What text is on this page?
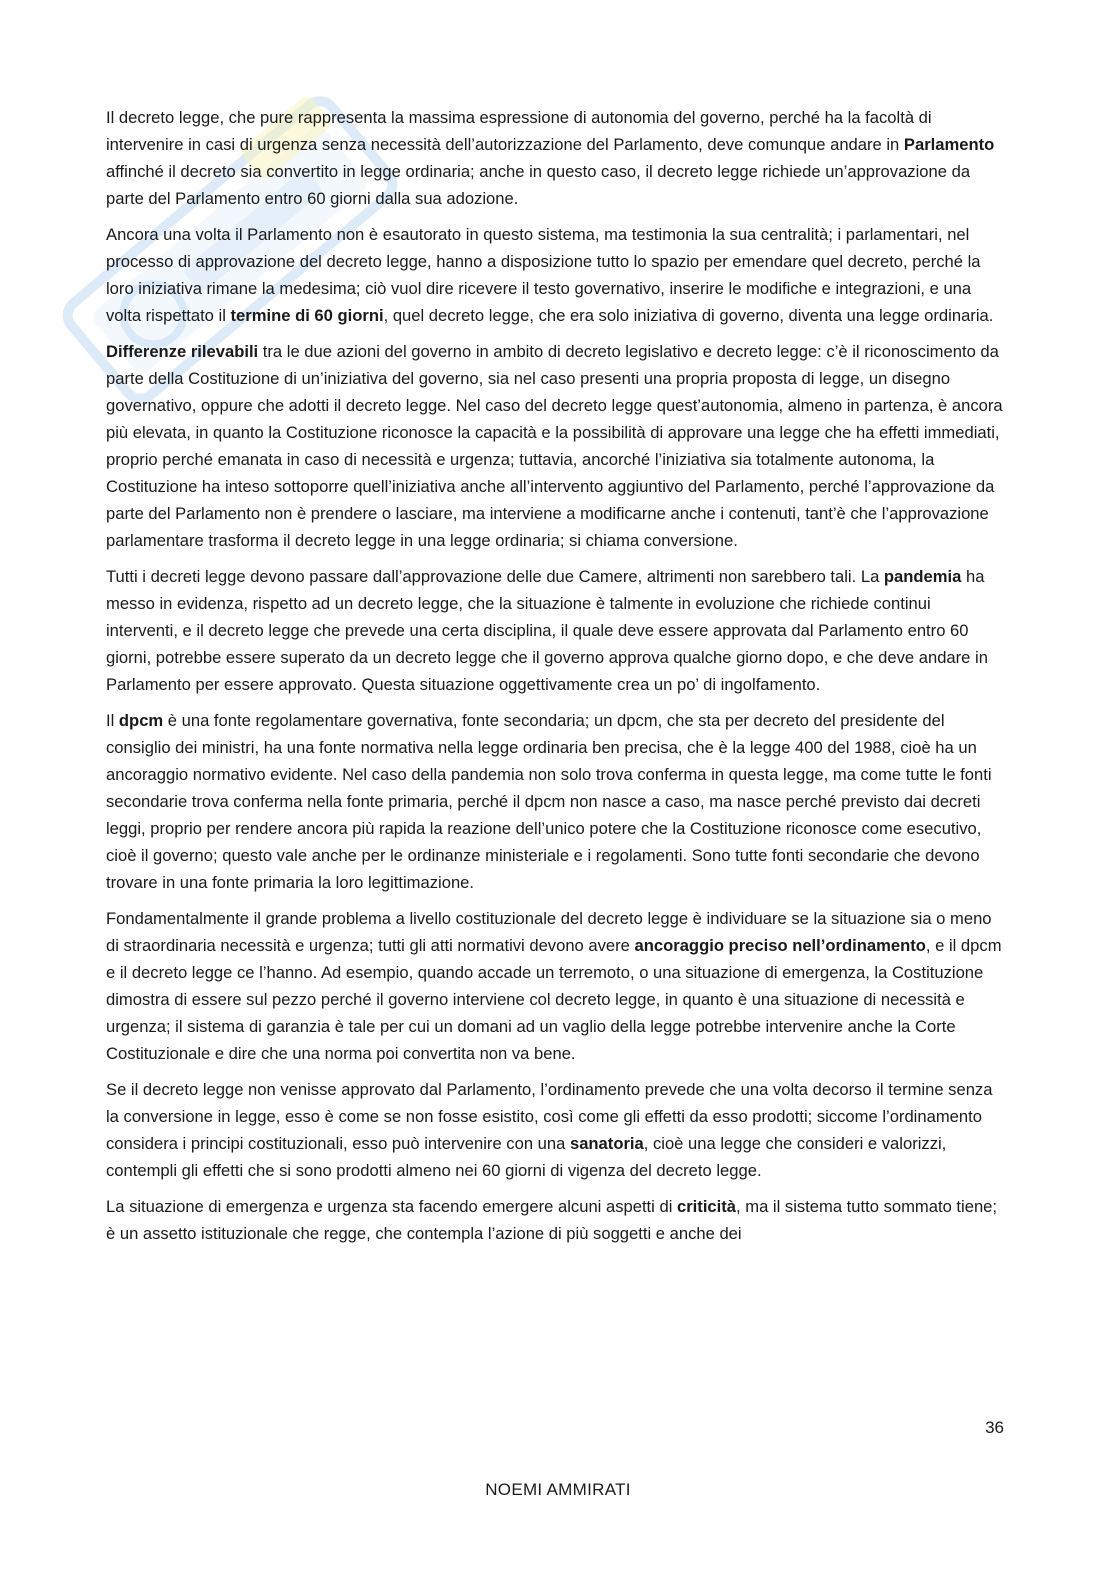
Il decreto legge, che pure rappresenta la massima espressione di autonomia del governo, perché ha la facoltà di intervenire in casi di urgenza senza necessità dell’autorizzazione del Parlamento, deve comunque andare in Parlamento affinché il decreto sia convertito in legge ordinaria; anche in questo caso, il decreto legge richiede un’approvazione da parte del Parlamento entro 60 giorni dalla sua adozione.

Ancora una volta il Parlamento non è esautorato in questo sistema, ma testimonia la sua centralità; i parlamentari, nel processo di approvazione del decreto legge, hanno a disposizione tutto lo spazio per emendare quel decreto, perché la loro iniziativa rimane la medesima; ciò vuol dire ricevere il testo governativo, inserire le modifiche e integrazioni, e una volta rispettato il termine di 60 giorni, quel decreto legge, che era solo iniziativa di governo, diventa una legge ordinaria.

Differenze rilevabili tra le due azioni del governo in ambito di decreto legislativo e decreto legge: c’è il riconoscimento da parte della Costituzione di un’iniziativa del governo, sia nel caso presenti una propria proposta di legge, un disegno governativo, oppure che adotti il decreto legge. Nel caso del decreto legge quest’autonomia, almeno in partenza, è ancora più elevata, in quanto la Costituzione riconosce la capacità e la possibilità di approvare una legge che ha effetti immediati, proprio perché emanata in caso di necessità e urgenza; tuttavia, ancorché l’iniziativa sia totalmente autonoma, la Costituzione ha inteso sottoporre quell’iniziativa anche all’intervento aggiuntivo del Parlamento, perché l’approvazione da parte del Parlamento non è prendere o lasciare, ma interviene a modificarne anche i contenuti, tant’è che l’approvazione parlamentare trasforma il decreto legge in una legge ordinaria; si chiama conversione.

Tutti i decreti legge devono passare dall’approvazione delle due Camere, altrimenti non sarebbero tali. La pandemia ha messo in evidenza, rispetto ad un decreto legge, che la situazione è talmente in evoluzione che richiede continui interventi, e il decreto legge che prevede una certa disciplina, il quale deve essere approvata dal Parlamento entro 60 giorni, potrebbe essere superato da un decreto legge che il governo approva qualche giorno dopo, e che deve andare in Parlamento per essere approvato. Questa situazione oggettivamente crea un po’ di ingolfamento.

Il dpcm è una fonte regolamentare governativa, fonte secondaria; un dpcm, che sta per decreto del presidente del consiglio dei ministri, ha una fonte normativa nella legge ordinaria ben precisa, che è la legge 400 del 1988, cioè ha un ancoraggio normativo evidente. Nel caso della pandemia non solo trova conferma in questa legge, ma come tutte le fonti secondarie trova conferma nella fonte primaria, perché il dpcm non nasce a caso, ma nasce perché previsto dai decreti leggi, proprio per rendere ancora più rapida la reazione dell’unico potere che la Costituzione riconosce come esecutivo, cioè il governo; questo vale anche per le ordinanze ministeriale e i regolamenti. Sono tutte fonti secondarie che devono trovare in una fonte primaria la loro legittimazione.

Fondamentalmente il grande problema a livello costituzionale del decreto legge è individuare se la situazione sia o meno di straordinaria necessità e urgenza; tutti gli atti normativi devono avere ancoraggio preciso nell’ordinamento, e il dpcm e il decreto legge ce l’hanno. Ad esempio, quando accade un terremoto, o una situazione di emergenza, la Costituzione dimostra di essere sul pezzo perché il governo interviene col decreto legge, in quanto è una situazione di necessità e urgenza; il sistema di garanzia è tale per cui un domani ad un vaglio della legge potrebbe intervenire anche la Corte Costituzionale e dire che una norma poi convertita non va bene.

Se il decreto legge non venisse approvato dal Parlamento, l’ordinamento prevede che una volta decorso il termine senza la conversione in legge, esso è come se non fosse esistito, così come gli effetti da esso prodotti; siccome l’ordinamento considera i principi costituzionali, esso può intervenire con una sanatoria, cioè una legge che consideri e valorizzi, contempli gli effetti che si sono prodotti almeno nei 60 giorni di vigenza del decreto legge.

La situazione di emergenza e urgenza sta facendo emergere alcuni aspetti di criticità, ma il sistema tutto sommato tiene; è un assetto istituzionale che regge, che contempla l’azione di più soggetti e anche dei

36
NOEMI AMMIRATI
